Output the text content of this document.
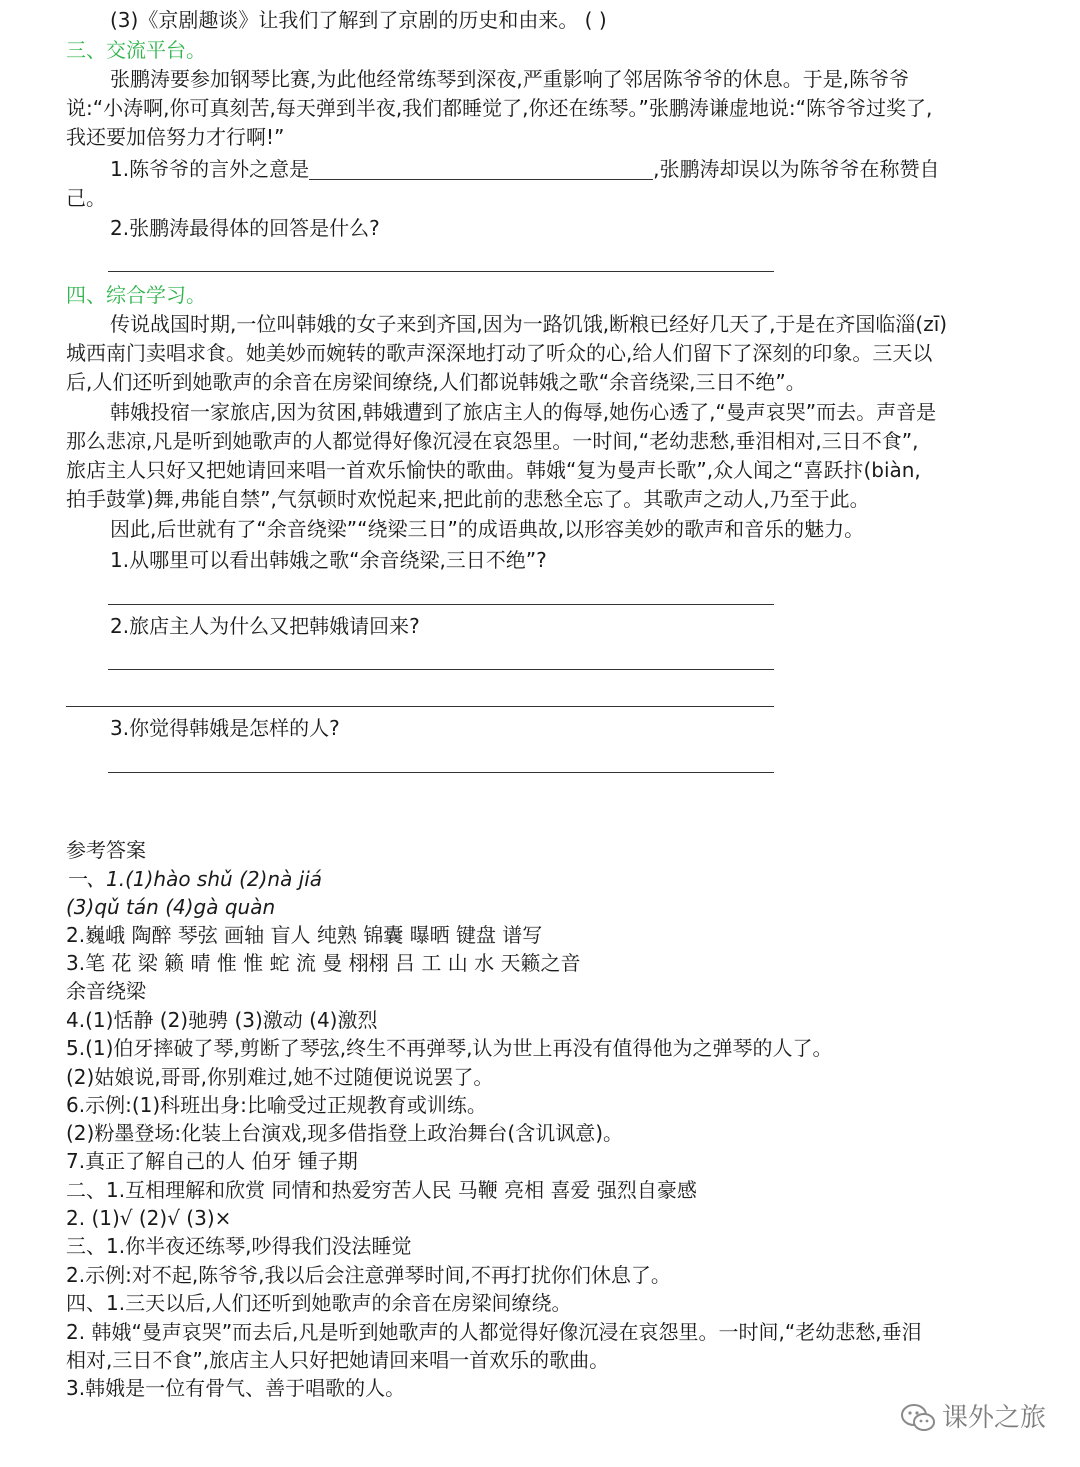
(3)《京剧趣谈》让我们了解到了京剧的历史和由来。 ( )

三、交流平台。

张鹏涛要参加钢琴比赛,为此他经常练琴到深夜,严重影响了邻居陈爷爷的休息。于是,陈爷爷

说:“小涛啊,你可真刻苦,每天弹到半夜,我们都睡觉了,你还在练琴。”张鹏涛谦虚地说:“陈爷爷过奖了,

我还要加倍努力才行啊!”

1.陈爷爷的言外之意是	,张鹏涛却误以为陈爷爷在称赞自

己。

2.张鹏涛最得体的回答是什么?

四、综合学习。

传说战国时期,一位叫韩娥的女子来到齐国,因为一路饥饿,断粮已经好几天了,于是在齐国临淄(zī)

城西南门卖唱求食。她美妙而婉转的歌声深深地打动了听众的心,给人们留下了深刻的印象。三天以

后,人们还听到她歌声的余音在房梁间缭绕,人们都说韩娥之歌“余音绕梁,三日不绝”。

韩娥投宿一家旅店,因为贫困,韩娥遭到了旅店主人的侮辱,她伤心透了,“曼声哀哭”而去。声音是

那么悲凉,凡是听到她歌声的人都觉得好像沉浸在哀怨里。一时间,“老幼悲愁,垂泪相对,三日不食”,

旅店主人只好又把她请回来唱一首欢乐愉快的歌曲。韩娥“复为曼声长歌”,众人闻之“喜跃抃(biàn,

拍手鼓掌)舞,弗能自禁”,气氛顿时欢悦起来,把此前的悲愁全忘了。其歌声之动人,乃至于此。

因此,后世就有了“余音绕梁”“绕梁三日”的成语典故,以形容美妙的歌声和音乐的魅力。

1.从哪里可以看出韩娥之歌“余音绕梁,三日不绝”?

2.旅店主人为什么又把韩娥请回来?

3.你觉得韩娥是怎样的人?

参考答案

一、1.(1)hào shǔ (2)nà jiá

(3)qǔ tán (4)gà quàn

2.巍峨 陶醉 琴弦 画轴 盲人 纯熟 锦囊 曝晒 键盘 谱写

3.笔 花 梁 籁 晴 惟 惟 蛇 流 曼 栩栩 吕 工 山 水 天籁之音

余音绕梁

4.(1)恬静 (2)驰骋 (3)激动 (4)激烈

5.(1)伯牙摔破了琴,剪断了琴弦,终生不再弹琴,认为世上再没有值得他为之弹琴的人了。

(2)姑娘说,哥哥,你别难过,她不过随便说说罢了。

6.示例:(1)科班出身:比喻受过正规教育或训练。

(2)粉墨登场:化装上台演戏,现多借指登上政治舞台(含讥讽意)。

7.真正了解自己的人 伯牙 锺子期

二、1.互相理解和欣赏 同情和热爱穷苦人民 马鞭 亮相 喜爱 强烈自豪感

2. (1)√ (2)√ (3)×

三、1.你半夜还练琴,吵得我们没法睡觉

2.示例:对不起,陈爷爷,我以后会注意弹琴时间,不再打扰你们休息了。

四、1.三天以后,人们还听到她歌声的余音在房梁间缭绕。

2. 韩娥“曼声哀哭”而去后,凡是听到她歌声的人都觉得好像沉浸在哀怨里。一时间,“老幼悲愁,垂泪

相对,三日不食”,旅店主人只好把她请回来唱一首欢乐的歌曲。

3.韩娥是一位有骨气、善于唱歌的人。

课外之旅
